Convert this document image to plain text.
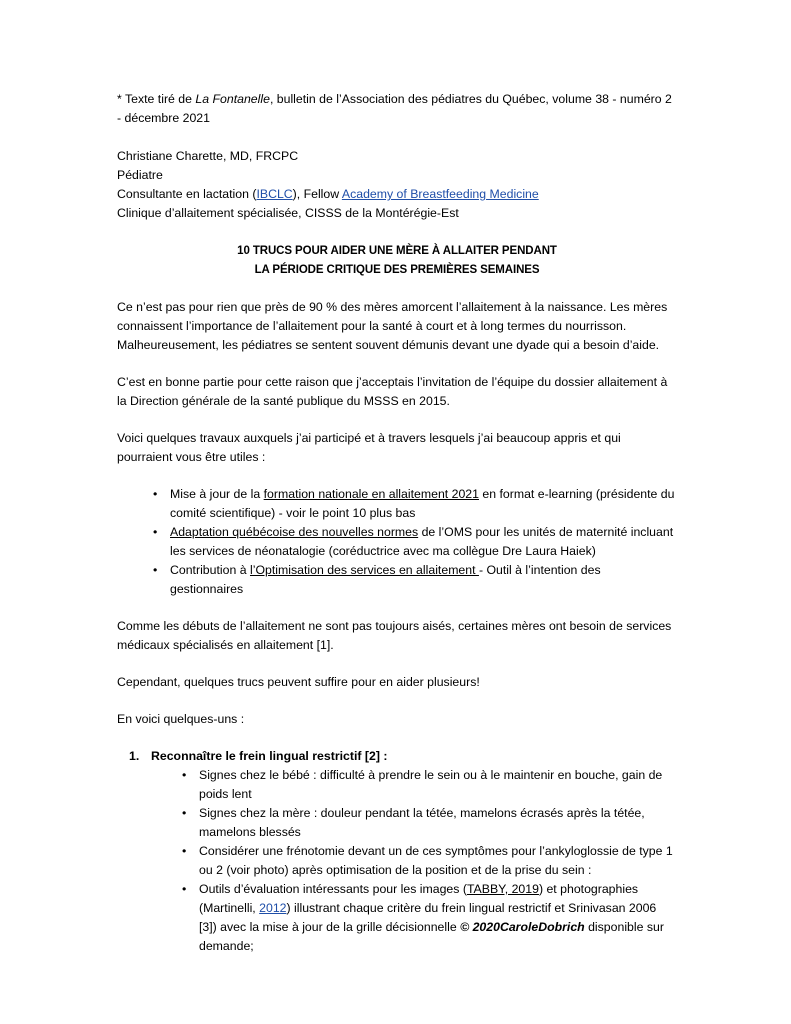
* Texte tiré de La Fontanelle, bulletin de l’Association des pédiatres du Québec, volume 38 - numéro 2 - décembre 2021

Christiane Charette, MD, FRCPC

Pédiatre

Consultante en lactation (IBCLC), Fellow Academy of Breastfeeding Medicine

Clinique d’allaitement spécialisée, CISSS de la Montérégie-Est

10 TRUCS POUR AIDER UNE MÈRE À ALLAITER PENDANT

LA PÉRIODE CRITIQUE DES PREMIÈRES SEMAINES

Ce n’est pas pour rien que près de 90 % des mères amorcent l’allaitement à la naissance. Les mères connaissent l’importance de l’allaitement pour la santé à court et à long termes du nourrisson. Malheureusement, les pédiatres se sentent souvent démunis devant une dyade qui a besoin d’aide.

C’est en bonne partie pour cette raison que j’acceptais l’invitation de l’équipe du dossier allaitement à la Direction générale de la santé publique du MSSS en 2015.

Voici quelques travaux auxquels j’ai participé et à travers lesquels j’ai beaucoup appris et qui pourraient vous être utiles :

• Mise à jour de la formation nationale en allaitement 2021 en format e-learning (présidente du comité scientifique) - voir le point 10 plus bas
• Adaptation québécoise des nouvelles normes de l’OMS pour les unités de maternité incluant les services de néonatalogie (coréductrice avec ma collègue Dre Laura Haiek)
• Contribution à l’Optimisation des services en allaitement - Outil à l’intention des gestionnaires

Comme les débuts de l’allaitement ne sont pas toujours aisés, certaines mères ont besoin de services médicaux spécialisés en allaitement [1].

Cependant, quelques trucs peuvent suffire pour en aider plusieurs!

En voici quelques-uns :

1. Reconnaître le frein lingual restrictif [2] :
• Signes chez le bébé : difficulté à prendre le sein ou à le maintenir en bouche, gain de poids lent
• Signes chez la mère : douleur pendant la tétée, mamelons écrasés après la tétée, mamelons blessés
• Considérer une frénotomie devant un de ces symptômes pour l’ankyloglossie de type 1 ou 2 (voir photo) après optimisation de la position et de la prise du sein :
• Outils d’évaluation intéressants pour les images (TABBY, 2019) et photographies (Martinelli, 2012) illustrant chaque critère du frein lingual restrictif et Srinivasan 2006 [3]) avec la mise à jour de la grille décisionnelle © 2020CaroleDobrich disponible sur demande;
